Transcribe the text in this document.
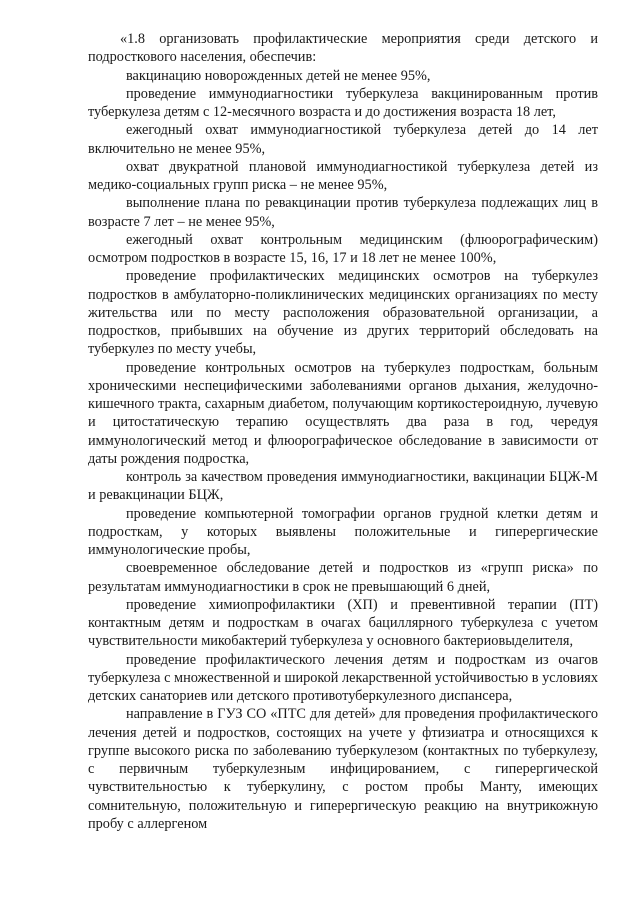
«1.8 организовать профилактические мероприятия среди детского и подросткового населения, обеспечив:

вакцинацию новорожденных детей не менее 95%,

проведение иммунодиагностики туберкулеза вакцинированным против туберкулеза детям с 12-месячного возраста и до достижения возраста 18 лет,

ежегодный охват иммунодиагностикой туберкулеза детей до 14 лет включительно не менее 95%,

охват двукратной плановой иммунодиагностикой туберкулеза детей из медико-социальных групп риска – не менее 95%,

выполнение плана по ревакцинации против туберкулеза подлежащих лиц в возрасте 7 лет – не менее 95%,

ежегодный охват контрольным медицинским (флюорографическим) осмотром подростков в возрасте 15, 16, 17 и 18 лет не менее 100%,

проведение профилактических медицинских осмотров на туберкулез подростков в амбулаторно-поликлинических медицинских организациях по месту жительства или по месту расположения образовательной организации, а подростков, прибывших на обучение из других территорий обследовать на туберкулез по месту учебы,

проведение контрольных осмотров на туберкулез подросткам, больным хроническими неспецифическими заболеваниями органов дыхания, желудочно-кишечного тракта, сахарным диабетом, получающим кортикостероидную, лучевую и цитостатическую терапию осуществлять два раза в год, чередуя иммунологический метод и флюорографическое обследование в зависимости от даты рождения подростка,

контроль за качеством проведения иммунодиагностики, вакцинации БЦЖ-М и ревакцинации БЦЖ,

проведение компьютерной томографии органов грудной клетки детям и подросткам, у которых выявлены положительные и гиперергические иммунологические пробы,

своевременное обследование детей и подростков из «групп риска» по результатам иммунодиагностики в срок не превышающий 6 дней,

проведение химиопрофилактики (ХП) и превентивной терапии (ПТ) контактным детям и подросткам в очагах бациллярного туберкулеза с учетом чувствительности микобактерий туберкулеза у основного бактериовыделителя,

проведение профилактического лечения детям и подросткам из очагов туберкулеза с множественной и широкой лекарственной устойчивостью в условиях детских санаториев или детского противотуберкулезного диспансера,

направление в ГУЗ СО «ПТС для детей» для проведения профилактического лечения детей и подростков, состоящих на учете у фтизиатра и относящихся к группе высокого риска по заболеванию туберкулезом (контактных по туберкулезу, с первичным туберкулезным инфицированием, с гиперергической чувствительностью к туберкулину, с ростом пробы Манту, имеющих сомнительную, положительную и гиперергическую реакцию на внутрикожную пробу с аллергеном
